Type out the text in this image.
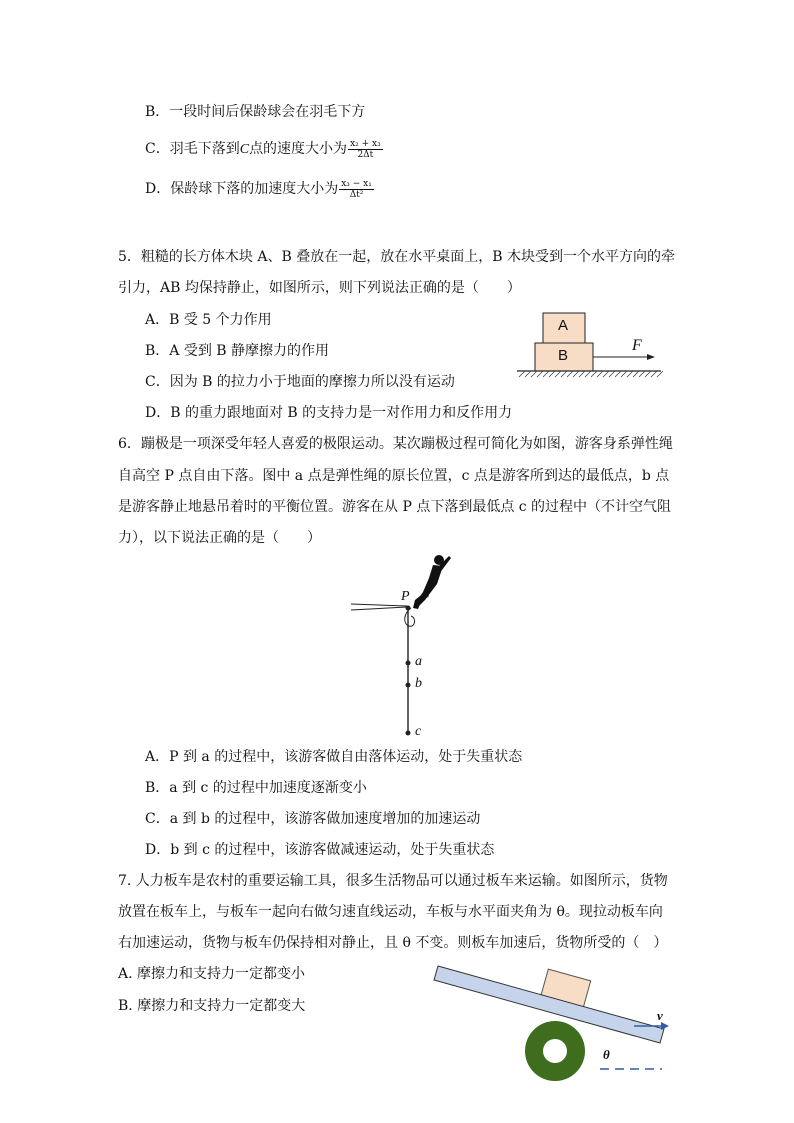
B．一段时间后保龄球会在羽毛下方
C．羽毛下落到C点的速度大小为 $\frac{\text{x₂ + x₃}}{2\Delta t}$
D．保龄球下落的加速度大小为 $\frac{\text{x₃ − x₁}}{\text{Δt²}}$
5．粗糙的长方体木块 A、B 叠放在一起，放在水平桌面上，B 木块受到一个水平方向的牵
引力，AB 均保持静止，如图所示，则下列说法正确的是（　　）
A．B 受 5 个力作用
B．A 受到 B 静摩擦力的作用
C．因为 B 的拉力小于地面的摩擦力所以没有运动
D．B 的重力跟地面对 B 的支持力是一对作用力和反作用力
A
B
F
6．蹦极是一项深受年轻人喜爱的极限运动。某次蹦极过程可简化为如图，游客身系弹性绳
自高空 P 点自由下落。图中 a 点是弹性绳的原长位置，c 点是游客所到达的最低点，b 点
是游客静止地悬吊着时的平衡位置。游客在从 P 点下落到最低点 c 的过程中（不计空气阻
力），以下说法正确的是（　　）
P
a
b
c
A．P 到 a 的过程中，该游客做自由落体运动，处于失重状态
B．a 到 c 的过程中加速度逐渐变小
C．a 到 b 的过程中，该游客做加速度增加的加速运动
D．b 到 c 的过程中，该游客做减速运动，处于失重状态
7. 人力板车是农村的重要运输工具，很多生活物品可以通过板车来运输。如图所示，货物
放置在板车上，与板车一起向右做匀速直线运动，车板与水平面夹角为 θ。现拉动板车向
右加速运动，货物与板车仍保持相对静止，且 θ 不变。则板车加速后，货物所受的（　）
A. 摩擦力和支持力一定都变小
B. 摩擦力和支持力一定都变大
v
θ
